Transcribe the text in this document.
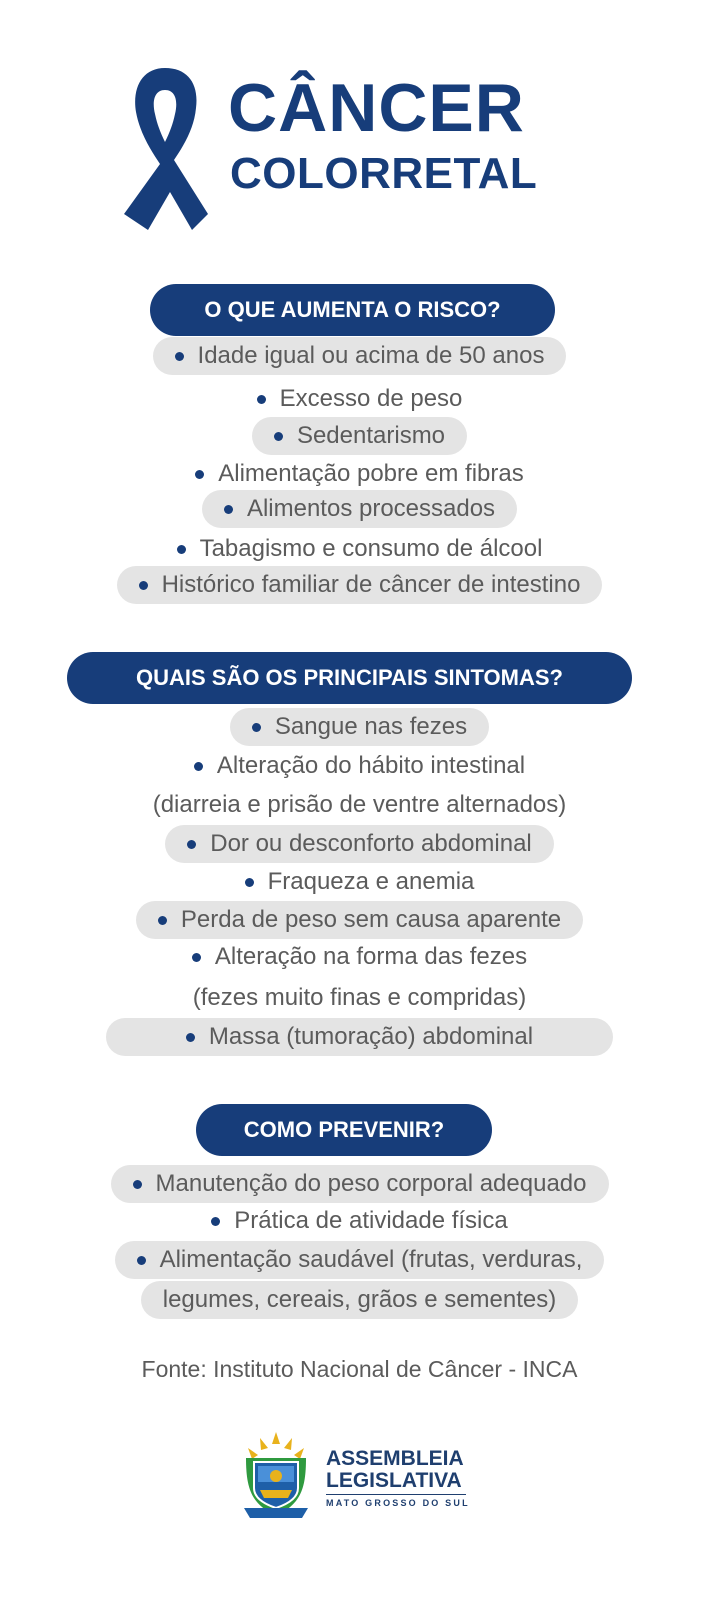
CÂNCER
COLORRETAL
O QUE AUMENTA O RISCO?
Idade igual ou acima de 50 anos
Excesso de peso
Sedentarismo
Alimentação pobre em fibras
Alimentos processados
Tabagismo e consumo de álcool
Histórico familiar de câncer de intestino
QUAIS SÃO OS PRINCIPAIS SINTOMAS?
Sangue nas fezes
Alteração do hábito intestinal
(diarreia e prisão de ventre alternados)
Dor ou desconforto abdominal
Fraqueza e anemia
Perda de peso sem causa aparente
Alteração na forma das fezes
(fezes muito finas e compridas)
Massa (tumoração) abdominal
COMO PREVENIR?
Manutenção do peso corporal adequado
Prática de atividade física
Alimentação saudável (frutas, verduras,
legumes, cereais, grãos e sementes)
Fonte: Instituto Nacional de Câncer - INCA
ASSEMBLEIA
LEGISLATIVA
MATO GROSSO DO SUL
